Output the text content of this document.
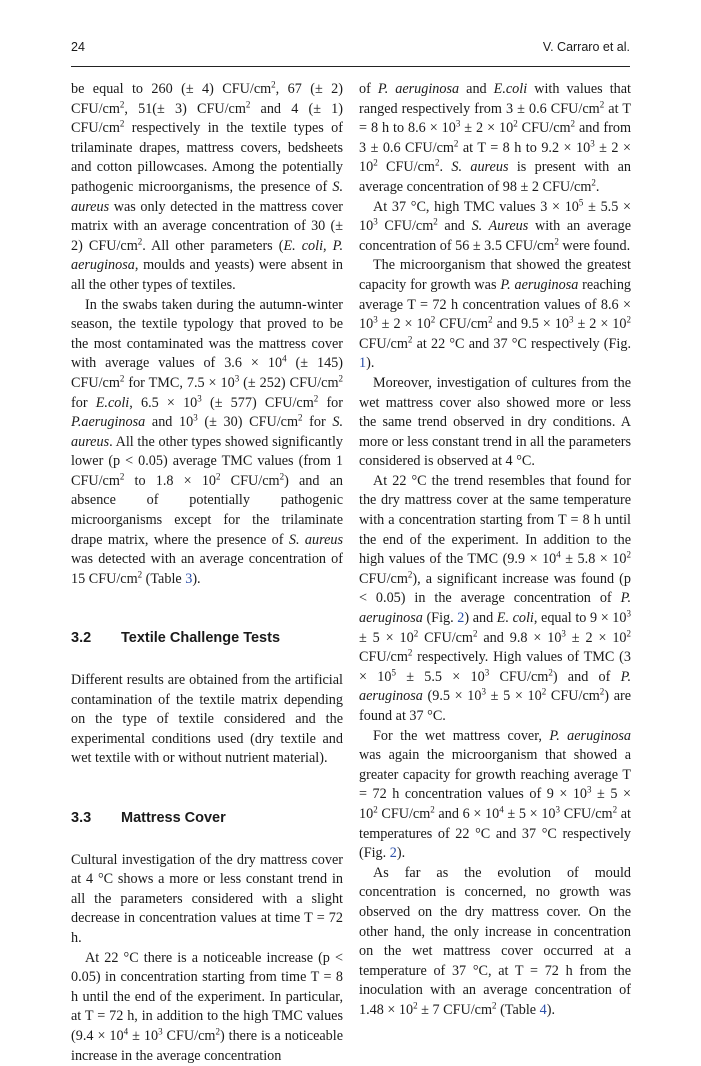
24	V. Carraro et al.

be equal to 260 (± 4) CFU/$cm^2$, 67 (± 2) CFU/$cm^2$, 51(± 3) CFU/$cm^2$ and 4 (± 1) CFU/$cm^2$ respectively in the textile types of trilaminate drapes, mattress covers, bedsheets and cotton pillowcases. Among the potentially pathogenic microorganisms, the presence of S. aureus was only detected in the mattress cover matrix with an average concentration of 30 (± 2) CFU/$cm^2$. All other parameters (E. coli, P. aeruginosa, moulds and yeasts) were absent in all the other types of textiles.

In the swabs taken during the autumn-winter season, the textile typology that proved to be the most contaminated was the mattress cover with average values of $3.6 \times 10^4$ (± 145) CFU/$cm^2$ for TMC, $7.5 \times 10^3$ (± 252) CFU/$cm^2$ for E.coli, $6.5 \times 10^3$ (± 577) CFU/$cm^2$ for P.aeruginosa and $10^3$ (± 30) CFU/$cm^2$ for S. aureus. All the other types showed significantly lower (p < 0.05) average TMC values (from 1 CFU/$cm^2$ to $1.8 \times 10^2$ CFU/$cm^2$) and an absence of potentially pathogenic microorganisms except for the trilaminate drape matrix, where the presence of S. aureus was detected with an average concentration of 15 CFU/$cm^2$ (Table 3).

3.2	Textile Challenge Tests

Different results are obtained from the artificial contamination of the textile matrix depending on the type of textile considered and the experimental conditions used (dry textile and wet textile with or without nutrient material).

3.3	Mattress Cover

Cultural investigation of the dry mattress cover at 4 °C shows a more or less constant trend in all the parameters considered with a slight decrease in concentration values at time T = 72 h.

At 22 °C there is a noticeable increase (p < 0.05) in concentration starting from time T = 8 h until the end of the experiment. In particular, at T = 72 h, in addition to the high TMC values ($9.4 \times 10^4 \pm 10^3$ CFU/$cm^2$) there is a noticeable increase in the average concentration

of P. aeruginosa and E.coli with values that ranged respectively from 3 ± 0.6 CFU/$cm^2$ at T = 8 h to $8.6 \times 10^3 \pm 2 \times 10^2$ CFU/$cm^2$ and from 3 ± 0.6 CFU/$cm^2$ at T = 8 h to $9.2 \times 10^3 \pm 2 \times 10^2$ CFU/$cm^2$. S. aureus is present with an average concentration of 98 ± 2 CFU/$cm^2$.

At 37 °C, high TMC values $3 \times 10^5 \pm 5.5 \times 10^3$ CFU/$cm^2$ and S. Aureus with an average concentration of 56 ± 3.5 CFU/$cm^2$ were found.

The microorganism that showed the greatest capacity for growth was P. aeruginosa reaching average T = 72 h concentration values of $8.6 \times 10^3 \pm 2 \times 10^2$ CFU/$cm^2$ and $9.5 \times 10^3 \pm 2 \times 10^2$ CFU/$cm^2$ at 22 °C and 37 °C respectively (Fig. 1).

Moreover, investigation of cultures from the wet mattress cover also showed more or less the same trend observed in dry conditions. A more or less constant trend in all the parameters considered is observed at 4 °C.

At 22 °C the trend resembles that found for the dry mattress cover at the same temperature with a concentration starting from T = 8 h until the end of the experiment. In addition to the high values of the TMC ($9.9 \times 10^4 \pm 5.8 \times 10^2$ CFU/$cm^2$), a significant increase was found (p < 0.05) in the average concentration of P. aeruginosa (Fig. 2) and E. coli, equal to $9 \times 10^3 \pm 5 \times 10^2$ CFU/$cm^2$ and $9.8 \times 10^3 \pm 2 \times 10^2$ CFU/$cm^2$ respectively. High values of TMC ($3 \times 10^5 \pm 5.5 \times 10^3$ CFU/$cm^2$) and of P. aeruginosa ($9.5 \times 10^3 \pm 5 \times 10^2$ CFU/$cm^2$) are found at 37 °C.

For the wet mattress cover, P. aeruginosa was again the microorganism that showed a greater capacity for growth reaching average T = 72 h concentration values of $9 \times 10^3 \pm 5 \times 10^2$ CFU/$cm^2$ and $6 \times 10^4 \pm 5 \times 10^3$ CFU/$cm^2$ at temperatures of 22 °C and 37 °C respectively (Fig. 2).

As far as the evolution of mould concentration is concerned, no growth was observed on the dry mattress cover. On the other hand, the only increase in concentration on the wet mattress cover occurred at a temperature of 37 °C, at T = 72 h from the inoculation with an average concentration of $1.48 \times 10^2 \pm 7$ CFU/$cm^2$ (Table 4).
